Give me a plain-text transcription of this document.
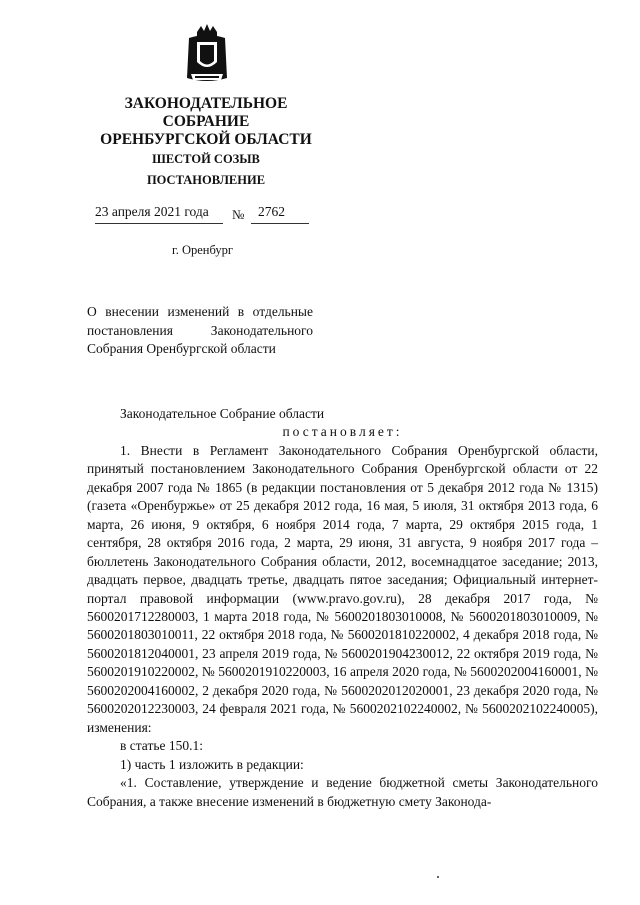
ЗАКОНОДАТЕЛЬНОЕ
СОБРАНИЕ
ОРЕНБУРГСКОЙ ОБЛАСТИ
ШЕСТОЙ СОЗЫВ
ПОСТАНОВЛЕНИЕ
23 апреля 2021 года № 2762
г. Оренбург
О внесении изменений в отдельные постановления Законодательного Собрания Оренбургской области

Законодательное Собрание области

постановляет:

1. Внести в Регламент Законодательного Собрания Оренбургской области, принятый постановлением Законодательного Собрания Оренбургской области от 22 декабря 2007 года № 1865 (в редакции постановления от 5 декабря 2012 года № 1315) (газета «Оренбуржье» от 25 декабря 2012 года, 16 мая, 5 июля, 31 октября 2013 года, 6 марта, 26 июня, 9 октября, 6 ноября 2014 года, 7 марта, 29 октября 2015 года, 1 сентября, 28 октября 2016 года, 2 марта, 29 июня, 31 августа, 9 ноября 2017 года – бюллетень Законодательного Собрания области, 2012, восемнадцатое заседание; 2013, двадцать первое, двадцать третье, двадцать пятое заседания; Официальный интернет-портал правовой информации (www.pravo.gov.ru), 28 декабря 2017 года, № 5600201712280003, 1 марта 2018 года, № 5600201803010008, № 5600201803010009, № 5600201803010011, 22 октября 2018 года, № 5600201810220002, 4 декабря 2018 года, № 5600201812040001, 23 апреля 2019 года, № 5600201904230012, 22 октября 2019 года, № 5600201910220002, № 5600201910220003, 16 апреля 2020 года, № 5600202004160001, № 5600202004160002, 2 декабря 2020 года, № 5600202012020001, 23 декабря 2020 года, № 5600202012230003, 24 февраля 2021 года, № 5600202102240002, № 5600202102240005), изменения:

в статье 150.1:

1) часть 1 изложить в редакции:

«1. Составление, утверждение и ведение бюджетной сметы Законодательного Собрания, а также внесение изменений в бюджетную смету Законода-
